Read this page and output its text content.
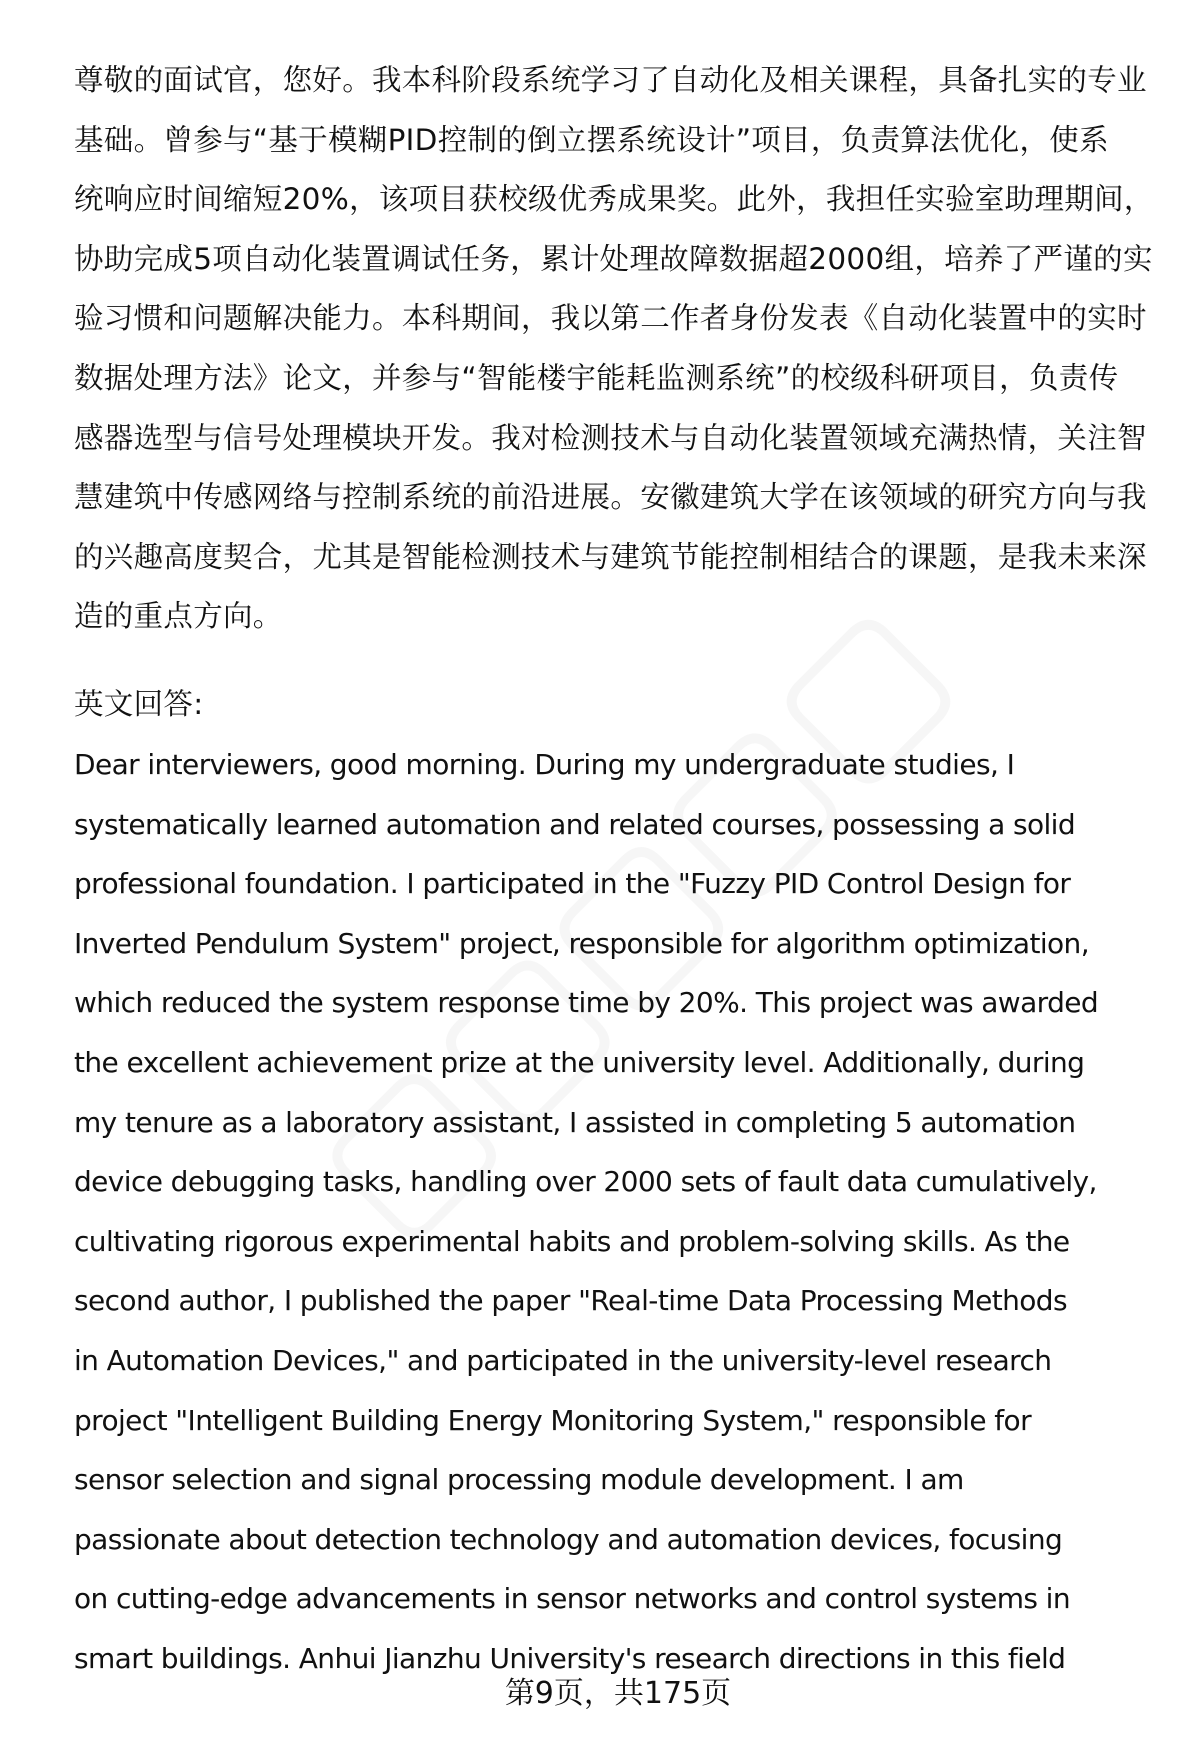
尊敬的面试官，您好。我本科阶段系统学习了自动化及相关课程，具备扎实的专业
基础。曾参与“基于模糊PID控制的倒立摆系统设计”项目，负责算法优化，使系
统响应时间缩短20%，该项目获校级优秀成果奖。此外，我担任实验室助理期间，
协助完成5项自动化装置调试任务，累计处理故障数据超2000组，培养了严谨的实
验习惯和问题解决能力。本科期间，我以第二作者身份发表《自动化装置中的实时
数据处理方法》论文，并参与“智能楼宇能耗监测系统”的校级科研项目，负责传
感器选型与信号处理模块开发。我对检测技术与自动化装置领域充满热情，关注智
慧建筑中传感网络与控制系统的前沿进展。安徽建筑大学在该领域的研究方向与我
的兴趣高度契合，尤其是智能检测技术与建筑节能控制相结合的课题，是我未来深
造的重点方向。
英文回答:
Dear interviewers, good morning. During my undergraduate studies, I
systematically learned automation and related courses, possessing a solid
professional foundation. I participated in the "Fuzzy PID Control Design for
Inverted Pendulum System" project, responsible for algorithm optimization,
which reduced the system response time by 20%. This project was awarded
the excellent achievement prize at the university level. Additionally, during
my tenure as a laboratory assistant, I assisted in completing 5 automation
device debugging tasks, handling over 2000 sets of fault data cumulatively,
cultivating rigorous experimental habits and problem-solving skills. As the
second author, I published the paper "Real-time Data Processing Methods
in Automation Devices," and participated in the university-level research
project "Intelligent Building Energy Monitoring System," responsible for
sensor selection and signal processing module development. I am
passionate about detection technology and automation devices, focusing
on cutting-edge advancements in sensor networks and control systems in
smart buildings. Anhui Jianzhu University's research directions in this field
第9页，共175页
